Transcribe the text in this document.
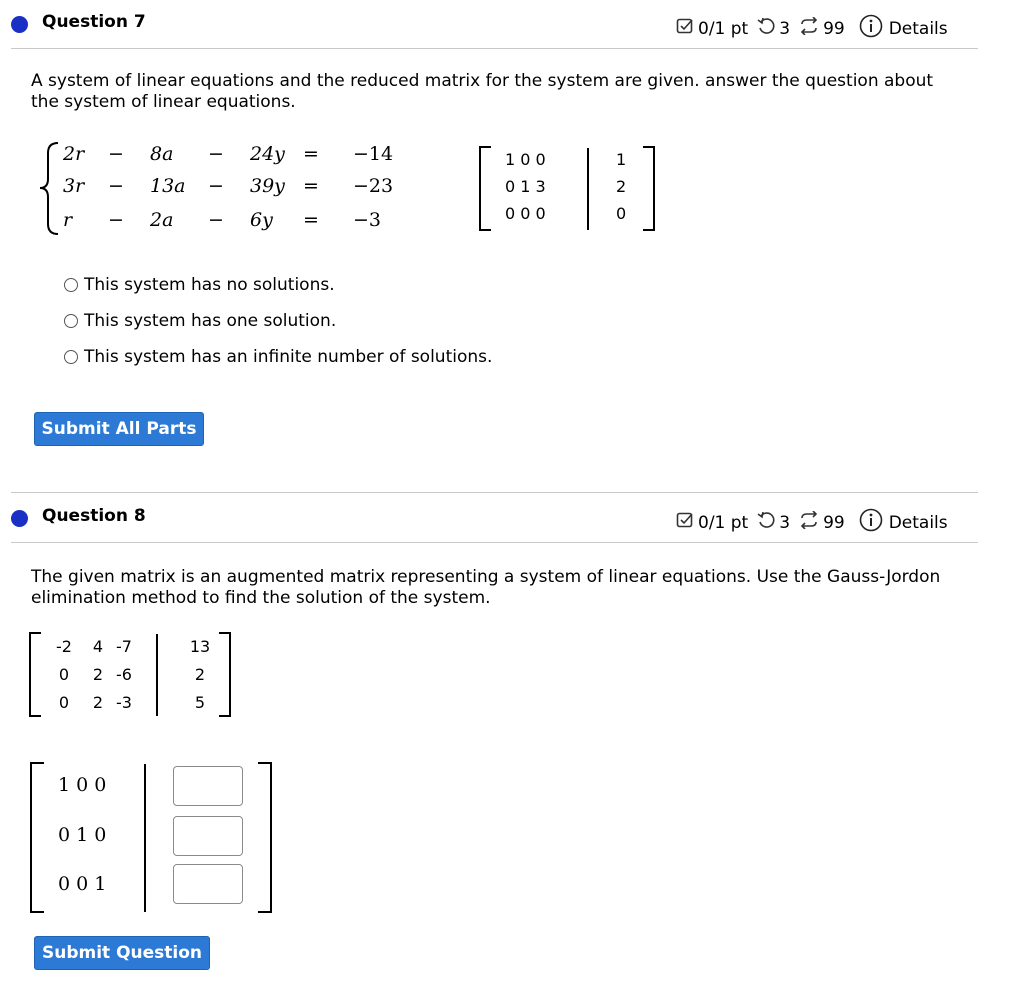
Question 7	0/1 pt 3 99	Details
A system of linear equations and the reduced matrix for the system are given. answer the question about the system of linear equations.
2r − 8a − 24y = −14
3r − 13a − 39y = −23
r − 2a − 6y = −3
1 0 0	1
0 1 3	2
0 0 0	0
This system has no solutions.
This system has one solution.
This system has an infinite number of solutions.
Submit All Parts
Question 8	0/1 pt 3 99	Details
The given matrix is an augmented matrix representing a system of linear equations. Use the Gauss-Jordon elimination method to find the solution of the system.
-2	4 -7	13
0	2 -6	2
0	2 -3	5
1 0 0
0 1 0
0 0 1
Submit Question
